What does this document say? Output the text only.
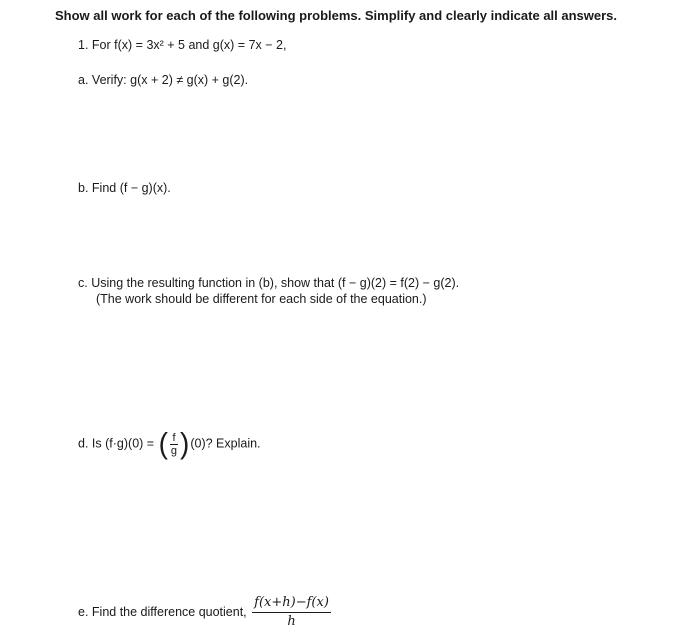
Show all work for each of the following problems. Simplify and clearly indicate all answers.
1. For f(x) = 3x² + 5 and g(x) = 7x − 2,
a. Verify: g(x + 2) ≠ g(x) + g(2).
b. Find (f − g)(x).
c. Using the resulting function in (b), show that (f − g)(2) = f(2) − g(2).
(The work should be different for each side of the equation.)
d. Is (f·g)(0) = ( $\frac{f}{g} )(0)$? Explain.
e. Find the difference quotient, $\frac{f(x+h)-f(x)}{h}$
